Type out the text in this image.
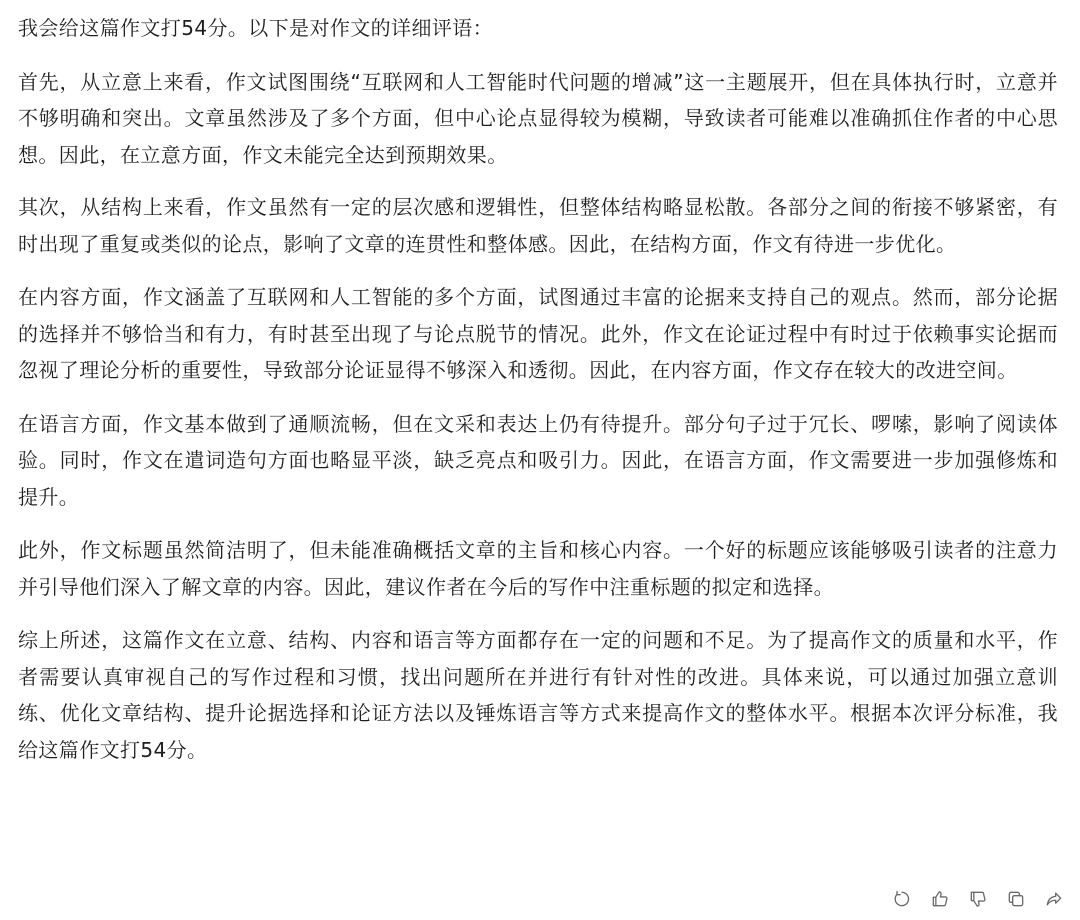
我会给这篇作文打54分。以下是对作文的详细评语：

首先，从立意上来看，作文试图围绕“互联网和人工智能时代问题的增减”这一主题展开，但在具体执行时，立意并不够明确和突出。文章虽然涉及了多个方面，但中心论点显得较为模糊，导致读者可能难以准确抓住作者的中心思想。因此，在立意方面，作文未能完全达到预期效果。

其次，从结构上来看，作文虽然有一定的层次感和逻辑性，但整体结构略显松散。各部分之间的衔接不够紧密，有时出现了重复或类似的论点，影响了文章的连贯性和整体感。因此，在结构方面，作文有待进一步优化。

在内容方面，作文涵盖了互联网和人工智能的多个方面，试图通过丰富的论据来支持自己的观点。然而，部分论据的选择并不够恰当和有力，有时甚至出现了与论点脱节的情况。此外，作文在论证过程中有时过于依赖事实论据而忽视了理论分析的重要性，导致部分论证显得不够深入和透彻。因此，在内容方面，作文存在较大的改进空间。

在语言方面，作文基本做到了通顺流畅，但在文采和表达上仍有待提升。部分句子过于冗长、啰嗦，影响了阅读体验。同时，作文在遣词造句方面也略显平淡，缺乏亮点和吸引力。因此，在语言方面，作文需要进一步加强修炼和提升。

此外，作文标题虽然简洁明了，但未能准确概括文章的主旨和核心内容。一个好的标题应该能够吸引读者的注意力并引导他们深入了解文章的内容。因此，建议作者在今后的写作中注重标题的拟定和选择。

综上所述，这篇作文在立意、结构、内容和语言等方面都存在一定的问题和不足。为了提高作文的质量和水平，作者需要认真审视自己的写作过程和习惯，找出问题所在并进行有针对性的改进。具体来说，可以通过加强立意训练、优化文章结构、提升论据选择和论证方法以及锤炼语言等方式来提高作文的整体水平。根据本次评分标准，我给这篇作文打54分。
